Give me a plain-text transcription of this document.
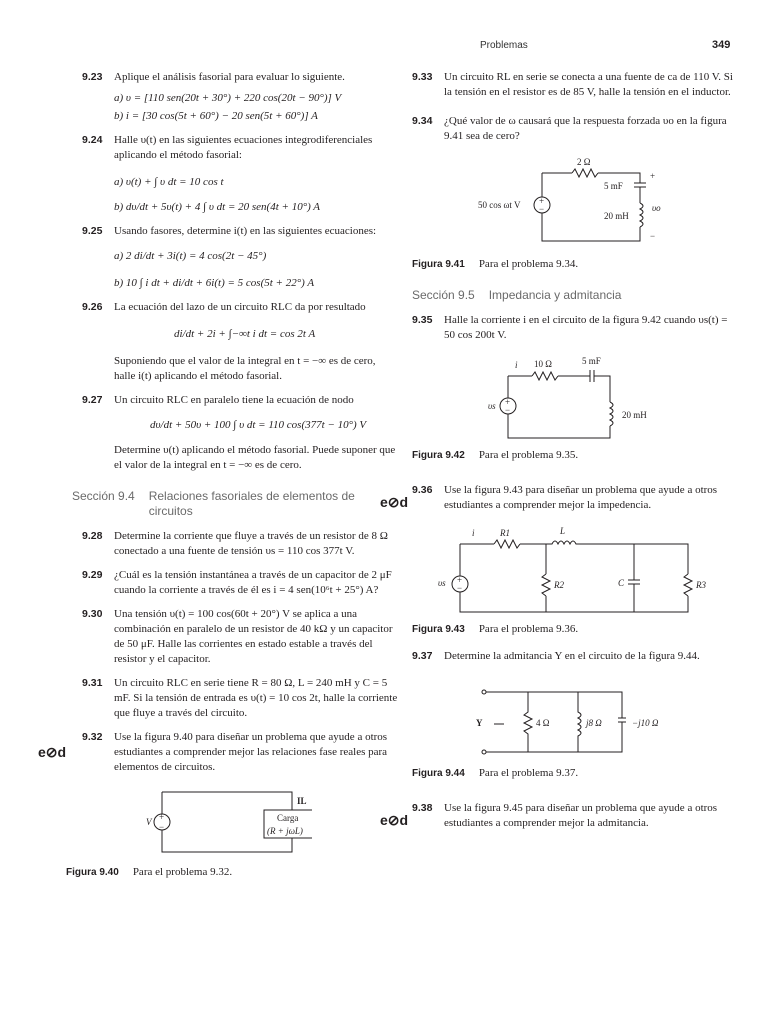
Problemas	349
9.23 Aplique el análisis fasorial para evaluar lo siguiente.
a) υ = [110 sen(20t + 30°) + 220 cos(20t − 90°)] V
b) i = [30 cos(5t + 60°) − 20 sen(5t + 60°)] A
9.24 Halle υ(t) en las siguientes ecuaciones integrodiferenciales aplicando el método fasorial:
a) υ(t) + ∫ υ dt = 10 cos t
b) dυ/dt + 5υ(t) + 4 ∫ υ dt = 20 sen(4t + 10°) A
9.25 Usando fasores, determine i(t) en las siguientes ecuaciones:
a) 2 di/dt + 3i(t) = 4 cos(2t − 45°)
b) 10 ∫ i dt + di/dt + 6i(t) = 5 cos(5t + 22°) A
9.26 La ecuación del lazo de un circuito RLC da por resultado
di/dt + 2i + ∫−∞t i dt = cos 2t A
Suponiendo que el valor de la integral en t = −∞ es de cero, halle i(t) aplicando el método fasorial.
9.27 Un circuito RLC en paralelo tiene la ecuación de nodo
dυ/dt + 50υ + 100 ∫ υ dt = 110 cos(377t − 10°) V
Determine υ(t) aplicando el método fasorial. Puede suponer que el valor de la integral en t = −∞ es de cero.
Sección 9.4 Relaciones fasoriales de elementos de circuitos
9.28 Determine la corriente que fluye a través de un resistor de 8 Ω conectado a una fuente de tensión υs = 110 cos 377t V.
9.29 ¿Cuál es la tensión instantánea a través de un capacitor de 2 μF cuando la corriente a través de él es i = 4 sen(10⁶t + 25°) A?
9.30 Una tensión υ(t) = 100 cos(60t + 20°) V se aplica a una combinación en paralelo de un resistor de 40 kΩ y un capacitor de 50 μF. Halle las corrientes en estado estable a través del resistor y el capacitor.
9.31 Un circuito RLC en serie tiene R = 80 Ω, L = 240 mH y C = 5 mF. Si la tensión de entrada es υ(t) = 10 cos 2t, halle la corriente que fluye a través del circuito.
9.32 Use la figura 9.40 para diseñar un problema que ayude a otros estudiantes a comprender mejor las relaciones fase reales para elementos de circuitos.
e⊘d
+
−
V	Carga
(R + jωL)
IL
Figura 9.40 Para el problema 9.32.
9.33 Un circuito RL en serie se conecta a una fuente de ca de 110 V. Si la tensión en el resistor es de 85 V, halle la tensión en el inductor.
9.34 ¿Qué valor de ω causará que la respuesta forzada υo en la figura 9.41 sea de cero?
+
−
50 cos ωt V
2 Ω
5 mF
20 mH
+
υo
−
Figura 9.41 Para el problema 9.34.
Sección 9.5 Impedancia y admitancia
9.35 Halle la corriente i en el circuito de la figura 9.42 cuando υs(t) = 50 cos 200t V.
+
−
i 10 Ω	5 mF
20 mH
υs
Figura 9.42 Para el problema 9.35.
9.36 Use la figura 9.43 para diseñar un problema que ayude a otros estudiantes a comprender mejor la impedencia.
e⊘d
+
−
i	R1	L
R2	C	R3
υs
Figura 9.43 Para el problema 9.36.
9.37 Determine la admitancia Y en el circuito de la figura 9.44.
Y	4 Ω	j8 Ω	−j10 Ω
Figura 9.44 Para el problema 9.37.
9.38 Use la figura 9.45 para diseñar un problema que ayude a otros estudiantes a comprender mejor la admitancia.
e⊘d
